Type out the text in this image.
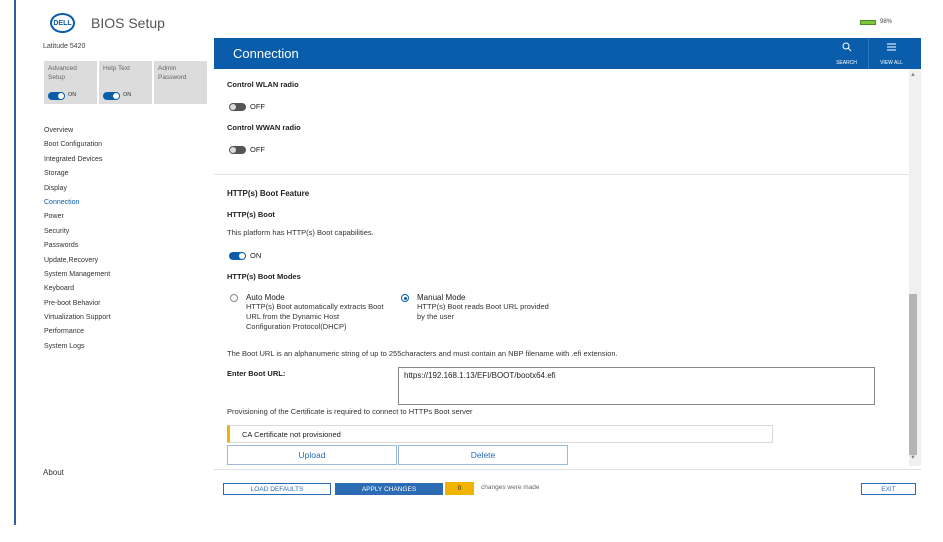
DELL BIOS Setup	98%
Latitude 5420
Advanced Setup
ON
Help Text
ON
Admin Password
Overview
Boot Configuration
Integrated Devices
Storage
Display
Connection
Power
Security
Passwords
Update,Recovery
System Management
Keyboard
Pre-boot Behavior
Virtualization Support
Performance
System Logs
About
Connection
SEARCH	VIEW ALL
Control WLAN radio
OFF
Control WWAN radio
OFF
HTTP(s) Boot Feature
HTTP(s) Boot
This platform has HTTP(s) Boot capabilities.
ON
HTTP(s) Boot Modes
Auto Mode
HTTP(s) Boot automatically extracts Boot
URL from the Dynamic Host
Configuration Protocol(DHCP)
Manual Mode
HTTP(s) Boot reads Boot URL provided
by the user
The Boot URL is an alphanumeric string of up to 255characters and must contain an NBP filename with .efi extension.
Enter Boot URL:	https://192.168.1.13/EFI/BOOT/bootx64.efi
Provisioning of the Certificate is required to connect to HTTPs Boot server
CA Certificate not provisioned
Upload	Delete
▲
▼
LOAD DEFAULTS	APPLY CHANGES	0	changes were made	EXIT
